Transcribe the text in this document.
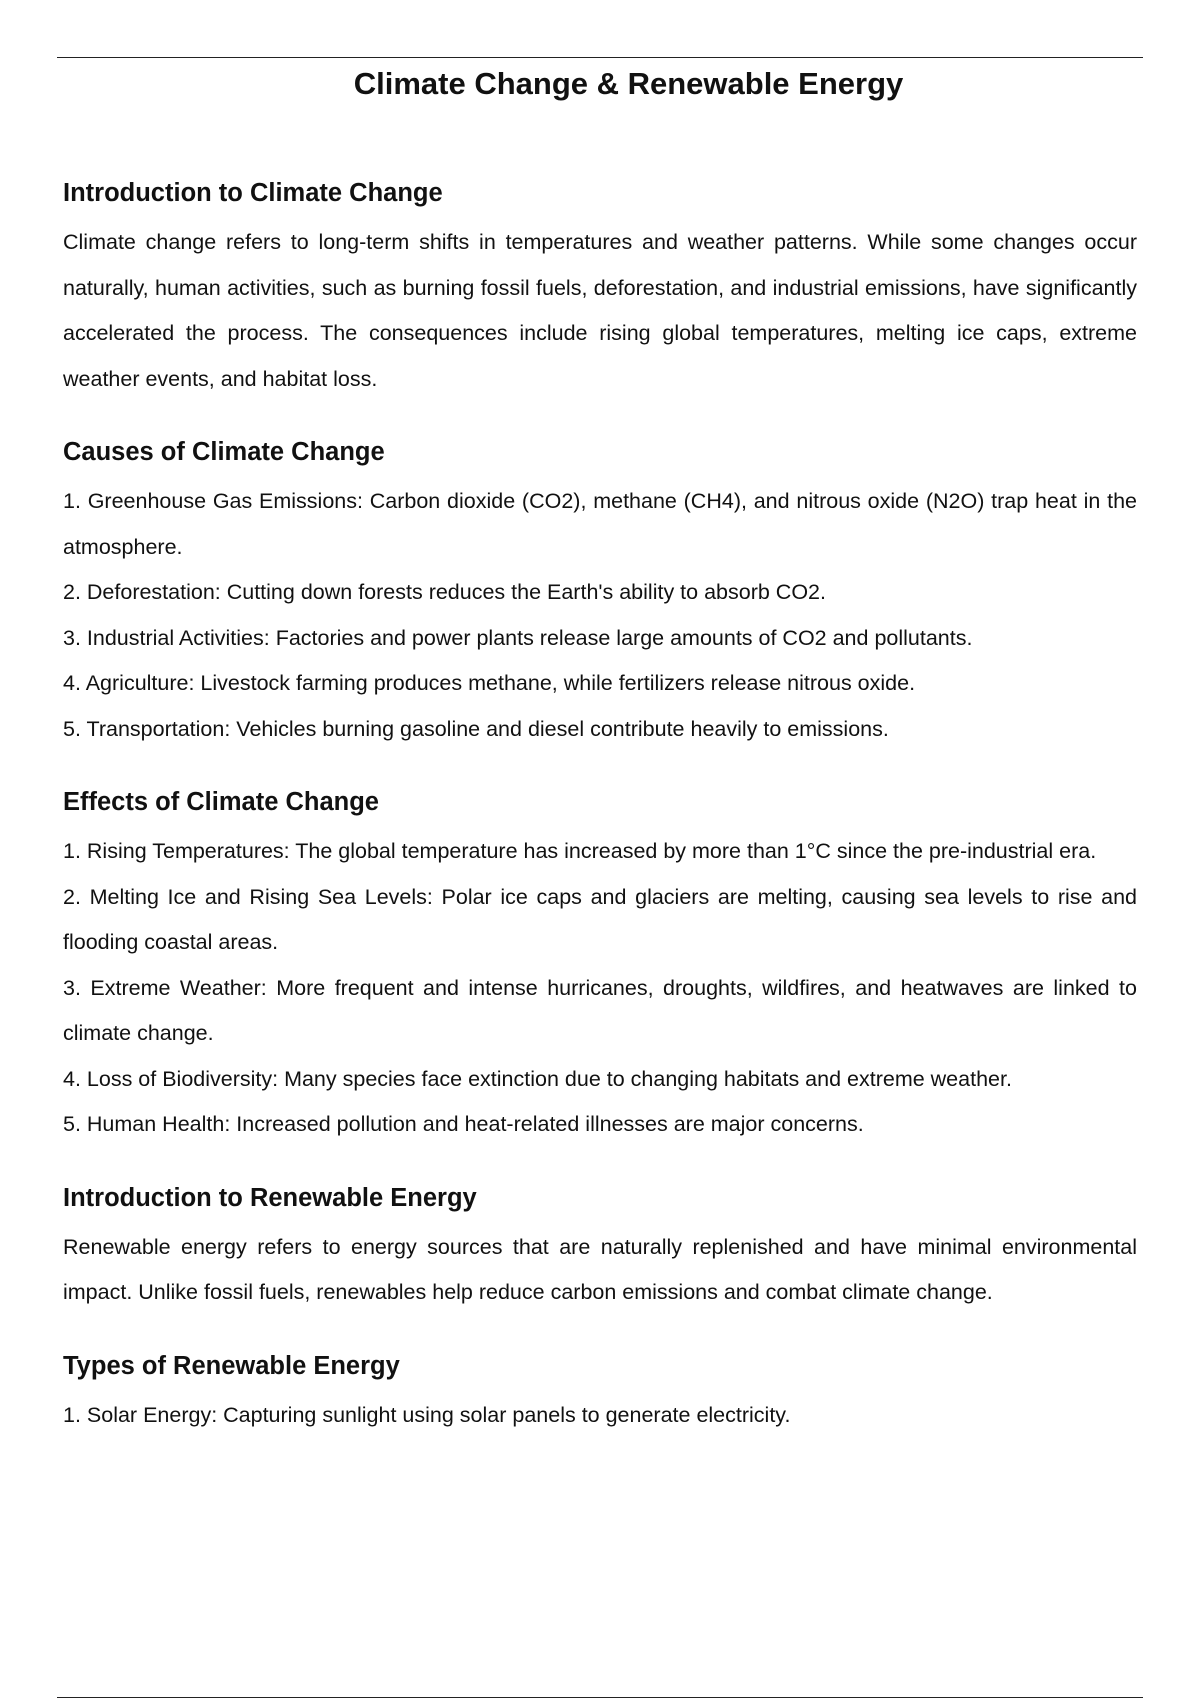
Climate Change & Renewable Energy
Introduction to Climate Change

Climate change refers to long-term shifts in temperatures and weather patterns. While some changes occur naturally, human activities, such as burning fossil fuels, deforestation, and industrial emissions, have significantly accelerated the process. The consequences include rising global temperatures, melting ice caps, extreme weather events, and habitat loss.

Causes of Climate Change
1. Greenhouse Gas Emissions: Carbon dioxide (CO2), methane (CH4), and nitrous oxide (N2O) trap heat in the atmosphere.
2. Deforestation: Cutting down forests reduces the Earth's ability to absorb CO2.
3. Industrial Activities: Factories and power plants release large amounts of CO2 and pollutants.
4. Agriculture: Livestock farming produces methane, while fertilizers release nitrous oxide.
5. Transportation: Vehicles burning gasoline and diesel contribute heavily to emissions.
Effects of Climate Change
1. Rising Temperatures: The global temperature has increased by more than 1°C since the pre-industrial era.
2. Melting Ice and Rising Sea Levels: Polar ice caps and glaciers are melting, causing sea levels to rise and flooding coastal areas.
3. Extreme Weather: More frequent and intense hurricanes, droughts, wildfires, and heatwaves are linked to climate change.
4. Loss of Biodiversity: Many species face extinction due to changing habitats and extreme weather.
5. Human Health: Increased pollution and heat-related illnesses are major concerns.
Introduction to Renewable Energy

Renewable energy refers to energy sources that are naturally replenished and have minimal environmental impact. Unlike fossil fuels, renewables help reduce carbon emissions and combat climate change.

Types of Renewable Energy
1. Solar Energy: Capturing sunlight using solar panels to generate electricity.
